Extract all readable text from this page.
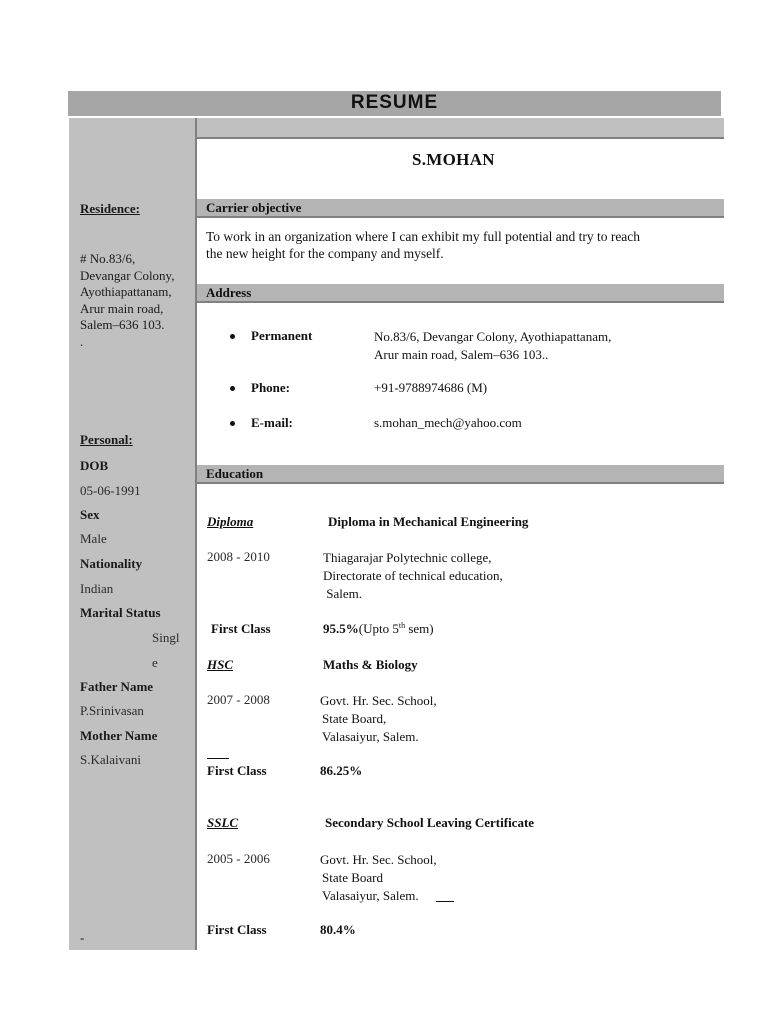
RESUME
S.MOHAN
Residence:
# No.83/6,
Devangar Colony,
Ayothiapattanam,
Arur main road,
Salem–636 103.
.
Personal:
DOB
05-06-1991
Sex
Male
Nationality
Indian
Marital Status
Singl
e
Father Name
P.Srinivasan
Mother Name
S.Kalaivani
-
Carrier objective
To work in an organization where I can exhibit my full potential and try to reach
the new height for the company and myself.
Address
Permanent	No.83/6, Devangar Colony, Ayothiapattanam,
Arur main road, Salem–636 103..
Phone:	+91-9788974686 (M)
E-mail:	s.mohan_mech@yahoo.com
Education
Diploma	Diploma in Mechanical Engineering
2008 - 2010	Thiagarajar Polytechnic college,
Directorate of technical education,
Salem.
First Class	95.5%(Upto 5th sem)
HSC	Maths & Biology
2007 - 2008	Govt. Hr. Sec. School,
State Board,
Valasaiyur, Salem.
First Class	86.25%
SSLC	Secondary School Leaving Certificate
2005 - 2006	Govt. Hr. Sec. School,
State Board
Valasaiyur, Salem.
First Class	80.4%
